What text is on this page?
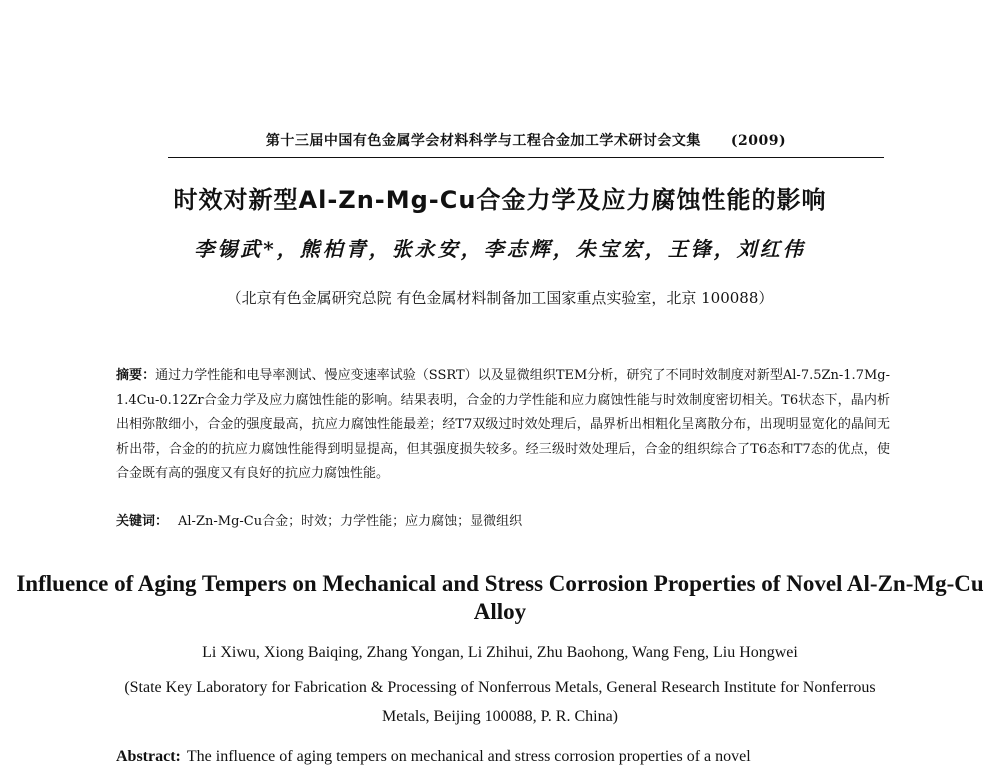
第十三届中国有色金属学会材料科学与工程合金加工学术研讨会文集 (2009)
时效对新型Al-Zn-Mg-Cu合金力学及应力腐蚀性能的影响
李锡武*，熊柏青，张永安，李志辉，朱宝宏，王锋，刘红伟
（北京有色金属研究总院 有色金属材料制备加工国家重点实验室，北京 100088）
摘要：通过力学性能和电导率测试、慢应变速率试验（SSRT）以及显微组织TEM分析，研究了不同时效制度对新型Al-7.5Zn-1.7Mg-1.4Cu-0.12Zr合金力学及应力腐蚀性能的影响。结果表明，合金的力学性能和应力腐蚀性能与时效制度密切相关。T6状态下，晶内析出相弥散细小，合金的强度最高，抗应力腐蚀性能最差；经T7双级过时效处理后，晶界析出相粗化呈离散分布，出现明显宽化的晶间无析出带，合金的的抗应力腐蚀性能得到明显提高，但其强度损失较多。经三级时效处理后，合金的组织综合了T6态和T7态的优点，使合金既有高的强度又有良好的抗应力腐蚀性能。
关键词： Al-Zn-Mg-Cu合金；时效；力学性能；应力腐蚀；显微组织
Influence of Aging Tempers on Mechanical and Stress Corrosion Properties of Novel Al-Zn-Mg-Cu Alloy
Li Xiwu, Xiong Baiqing, Zhang Yongan, Li Zhihui, Zhu Baohong, Wang Feng, Liu Hongwei
(State Key Laboratory for Fabrication & Processing of Nonferrous Metals, General Research Institute for Nonferrous Metals, Beijing 100088, P. R. China)
Abstract: The influence of aging tempers on mechanical and stress corrosion properties of a novel
